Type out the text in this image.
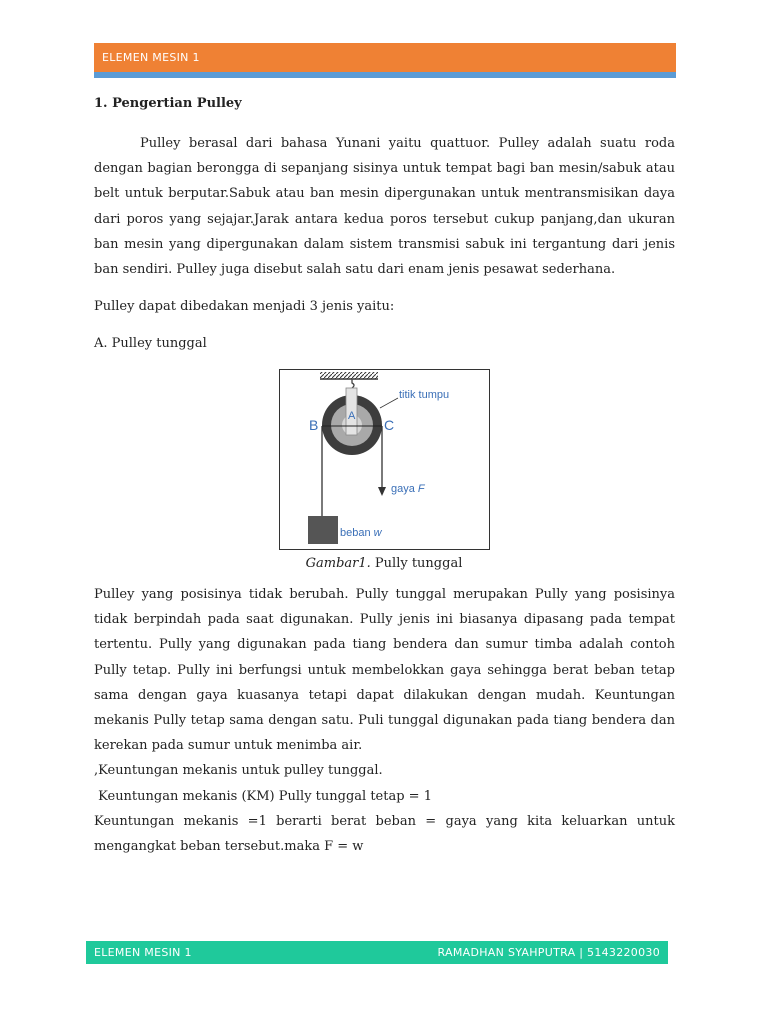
ELEMEN MESIN 1
1. Pengertian Pulley

Pulley berasal dari bahasa Yunani yaitu quattuor. Pulley adalah suatu roda dengan bagian berongga di sepanjang sisinya untuk tempat bagi ban mesin/sabuk atau belt untuk berputar.Sabuk atau ban mesin dipergunakan untuk mentransmisikan daya dari poros yang sejajar.Jarak antara kedua poros tersebut cukup panjang,dan ukuran ban mesin yang dipergunakan dalam sistem transmisi sabuk ini tergantung dari jenis ban sendiri. Pulley juga disebut salah satu dari enam jenis pesawat sederhana.

Pulley dapat dibedakan menjadi 3 jenis yaitu:
A. Pulley tunggal
titik tumpu
B
A
C
gaya F
beban w
Gambar1. Pully tunggal

Pulley yang posisinya tidak berubah. Pully tunggal merupakan Pully yang posisinya tidak berpindah pada saat digunakan. Pully jenis ini biasanya dipasang pada tempat tertentu. Pully yang digunakan pada tiang bendera dan sumur timba adalah contoh Pully tetap. Pully ini berfungsi untuk membelokkan gaya sehingga berat beban tetap sama dengan gaya kuasanya tetapi dapat dilakukan dengan mudah. Keuntungan mekanis Pully tetap sama dengan satu. Puli tunggal digunakan pada tiang bendera dan kerekan pada sumur untuk menimba air.

,Keuntungan mekanis untuk pulley tunggal.
Keuntungan mekanis (KM) Pully tunggal tetap = 1

Keuntungan mekanis =1 berarti berat beban = gaya yang kita keluarkan untuk mengangkat beban tersebut.maka F = w

ELEMEN MESIN 1	RAMADHAN SYAHPUTRA | 5143220030
